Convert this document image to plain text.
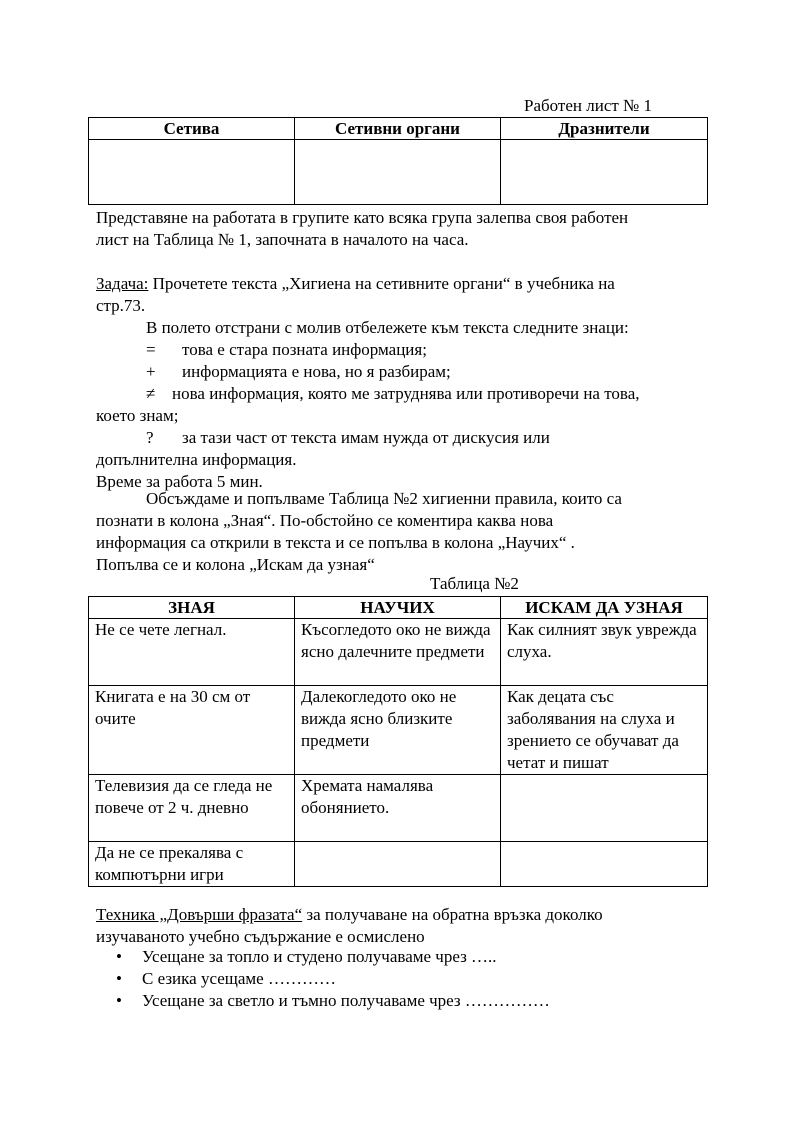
Работен лист № 1
Сетива	Сетивни органи	Дразнители

Представяне на работата в групите като всяка група залепва своя работен
лист на Таблица № 1, започната в началото на часа.
Задача: Прочетете текста „Хигиена на сетивните органи“ в учебника на
стр.73.
В полето отстрани с молив отбележете към текста следните знаци:
= това е стара позната информация;
+ информацията е нова, но я разбирам;
≠ нова информация, която ме затруднява или противоречи на това,
което знам;
? за тази част от текста имам нужда от дискусия или
допълнителна информация.
Време за работа 5 мин.
Обсъждаме и попълваме Таблица №2 хигиенни правила, които са
познати в колона „Зная“. По-обстойно се коментира каква нова
информация са открили в текста и се попълва в колона „Научих“ .
Попълва се и колона „Искам да узная“
Таблица №2
ЗНАЯ	НАУЧИХ	ИСКАМ ДА УЗНАЯ
Не се чете легнал.	Късогледото око не вижда ясно далечните предмети	Как силният звук уврежда слуха.
Книгата е на 30 см от очите	Далекогледото око не вижда ясно близките предмети	Как децата със заболявания на слуха и зрението се обучават да четат и пишат
Телевизия да се гледа не повече от 2 ч. дневно	Хремата намалява обонянието.	
Да не се прекалява с компютърни игри		
Техника „Довърши фразата“ за получаване на обратна връзка доколко
изучаваното учебно съдържание е осмислено
• Усещане за топло и студено получаваме чрез …..
• С езика усещаме …………
• Усещане за светло и тъмно получаваме чрез ……………
